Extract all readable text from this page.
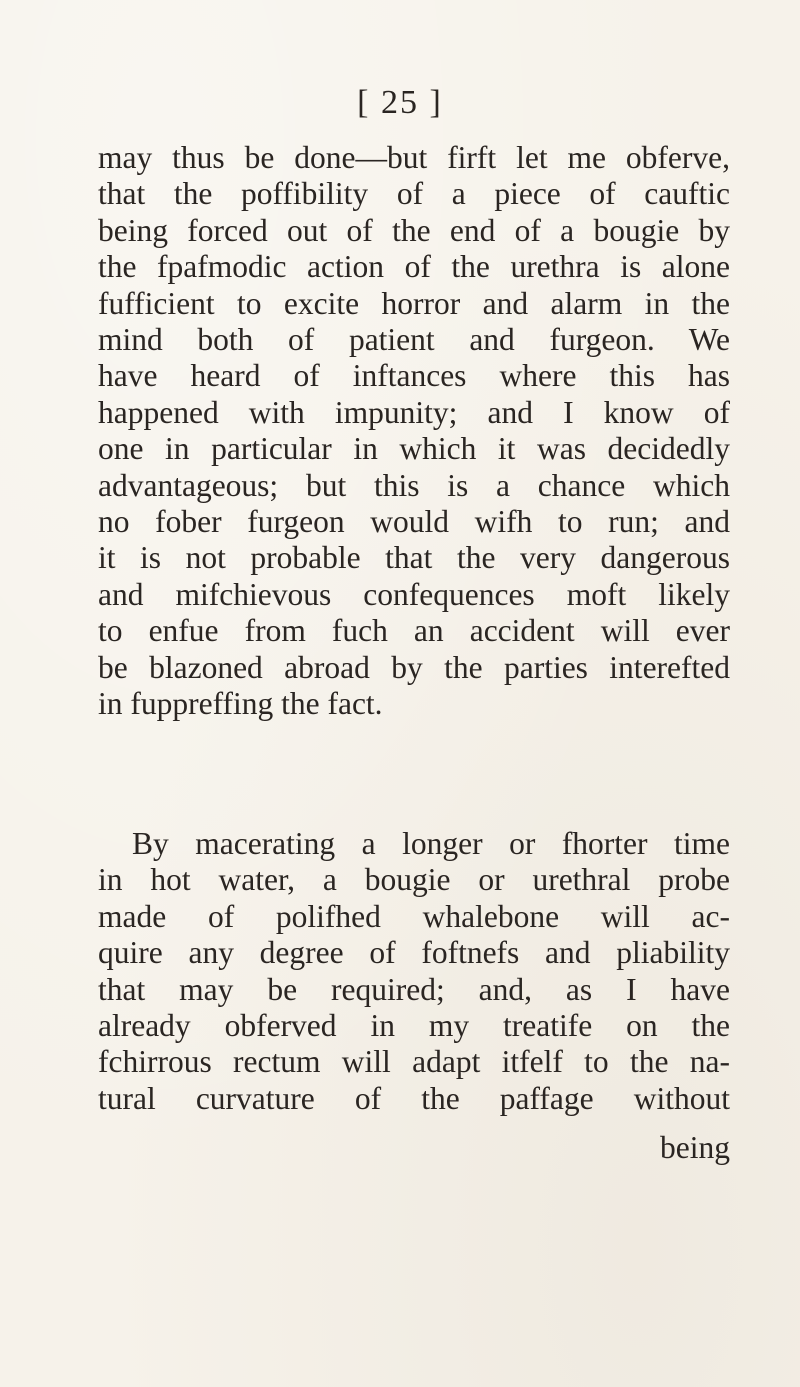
[ 25 ]
may thus be done—but firft let me obferve,
that the poffibility of a piece of cauftic
being forced out of the end of a bougie by
the fpafmodic action of the urethra is alone
fufficient to excite horror and alarm in the
mind both of patient and furgeon. We
have heard of inftances where this has
happened with impunity; and I know of
one in particular in which it was decidedly
advantageous; but this is a chance which
no fober furgeon would wifh to run; and
it is not probable that the very dangerous
and mifchievous confequences moft likely
to enfue from fuch an accident will ever
be blazoned abroad by the parties interefted
in fuppreffing the fact.
By macerating a longer or fhorter time
in hot water, a bougie or urethral probe
made of polifhed whalebone will ac-
quire any degree of foftnefs and pliability
that may be required; and, as I have
already obferved in my treatife on the
fchirrous rectum will adapt itfelf to the na-
tural curvature of the paffage without
being
